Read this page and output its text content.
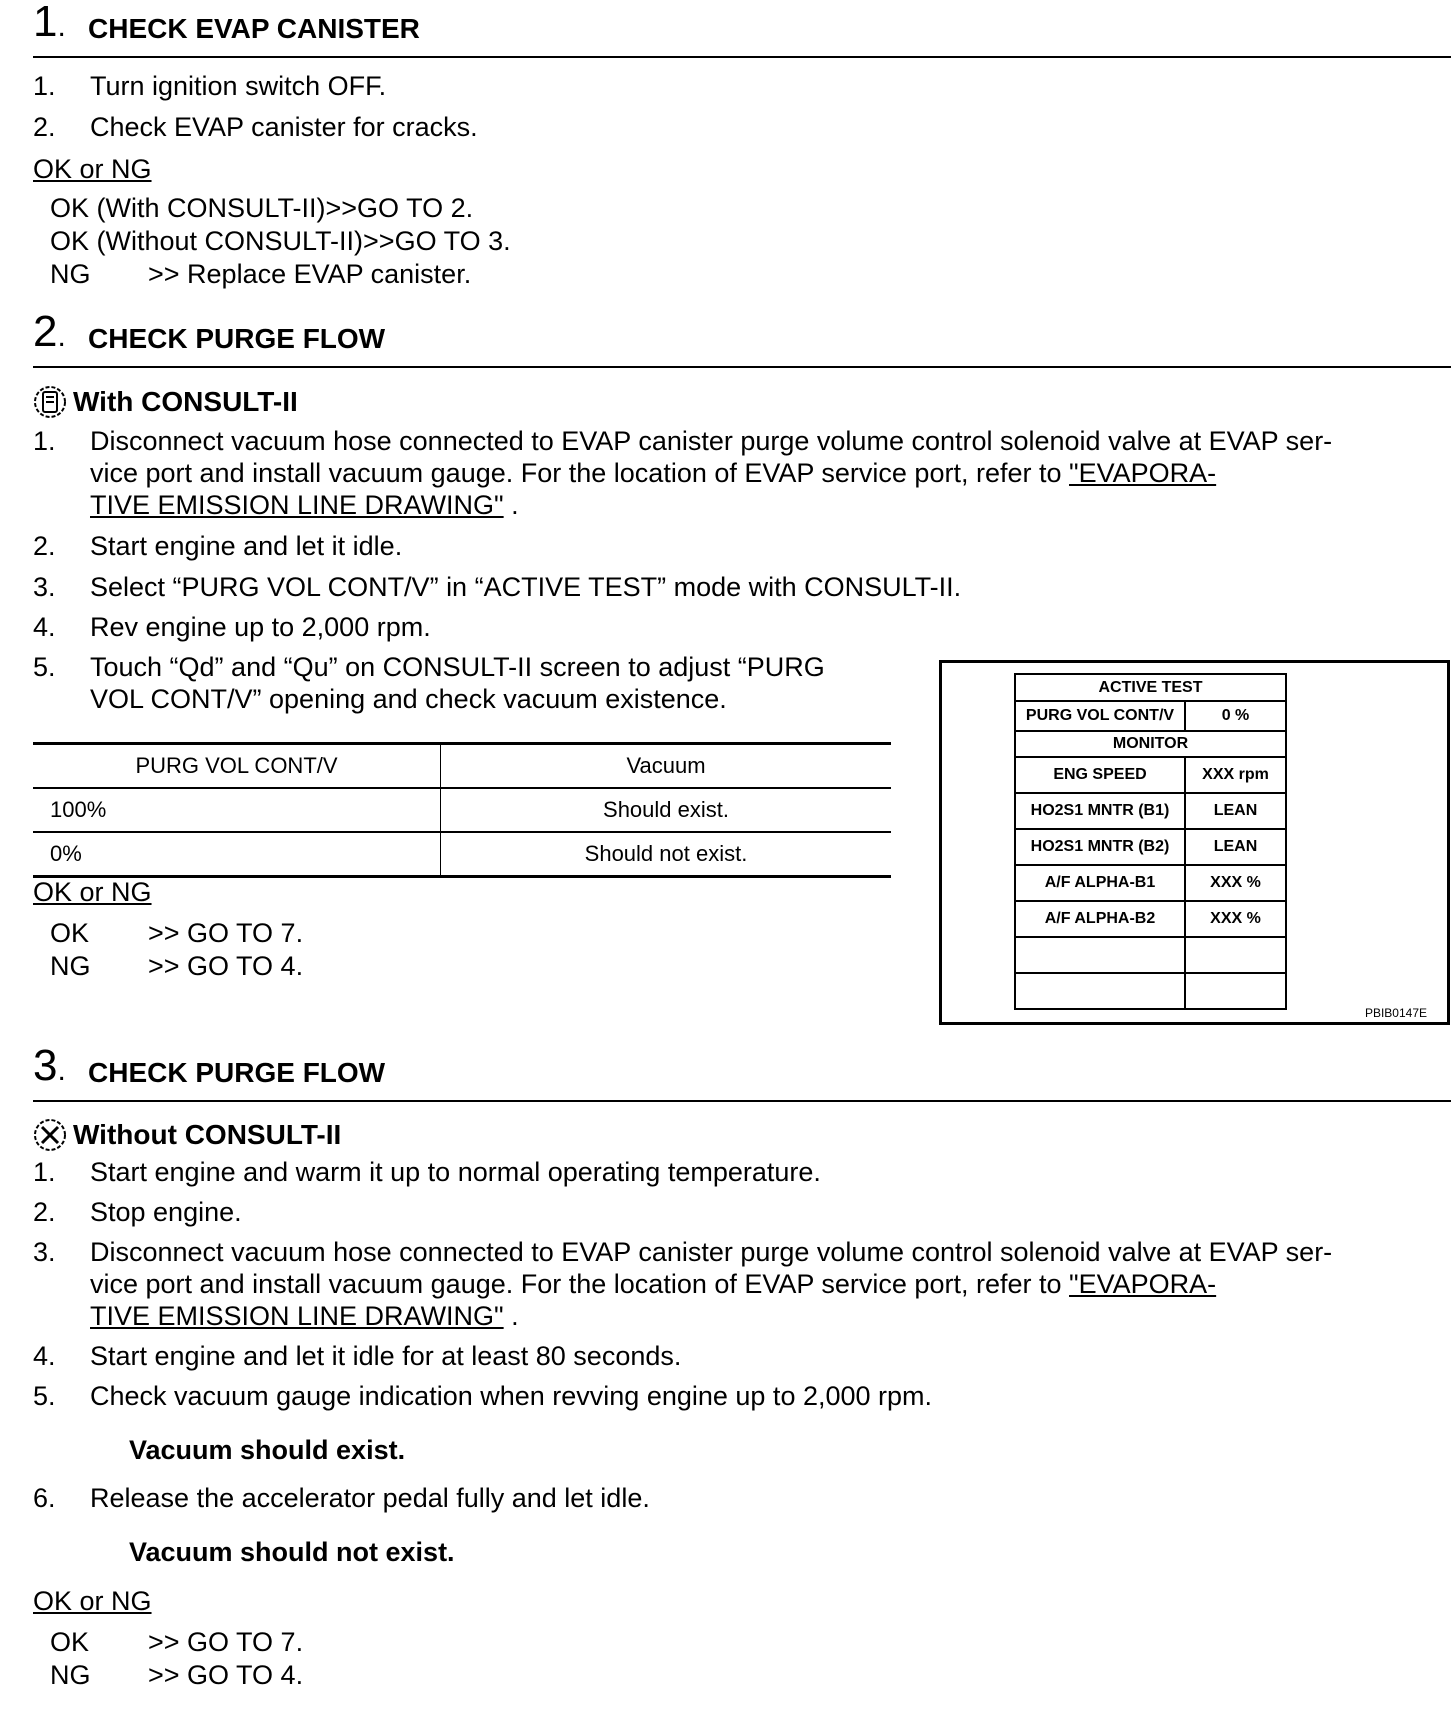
1. CHECK EVAP CANISTER
1. Turn ignition switch OFF.
2. Check EVAP canister for cracks.
OK or NG
OK (With CONSULT-II)>>GO TO 2.
OK (Without CONSULT-II)>>GO TO 3.
NG >> Replace EVAP canister.
2. CHECK PURGE FLOW
With CONSULT-II
1. Disconnect vacuum hose connected to EVAP canister purge volume control solenoid valve at EVAP ser-
vice port and install vacuum gauge. For the location of EVAP service port, refer to "EVAPORA-
TIVE EMISSION LINE DRAWING" .
2. Start engine and let it idle.
3. Select “PURG VOL CONT/V” in “ACTIVE TEST” mode with CONSULT-II.
4. Rev engine up to 2,000 rpm.
5. Touch “Qd” and “Qu” on CONSULT-II screen to adjust “PURG
VOL CONT/V” opening and check vacuum existence.
PURG VOL CONT/V	Vacuum
100%	Should exist.
0%	Should not exist.
OK or NG
OK >> GO TO 7.
NG >> GO TO 4.
ACTIVE TEST	
PURG VOL CONT/V	0 %
MONITOR	
ENG SPEED	XXX rpm
HO2S1 MNTR (B1)	LEAN
HO2S1 MNTR (B2)	LEAN
A/F ALPHA-B1	XXX %
A/F ALPHA-B2	XXX %

PBIB0147E
3. CHECK PURGE FLOW
Without CONSULT-II
1. Start engine and warm it up to normal operating temperature.
2. Stop engine.
3. Disconnect vacuum hose connected to EVAP canister purge volume control solenoid valve at EVAP ser-
vice port and install vacuum gauge. For the location of EVAP service port, refer to "EVAPORA-
TIVE EMISSION LINE DRAWING" .
4. Start engine and let it idle for at least 80 seconds.
5. Check vacuum gauge indication when revving engine up to 2,000 rpm.
Vacuum should exist.
6. Release the accelerator pedal fully and let idle.
Vacuum should not exist.
OK or NG
OK >> GO TO 7.
NG >> GO TO 4.
